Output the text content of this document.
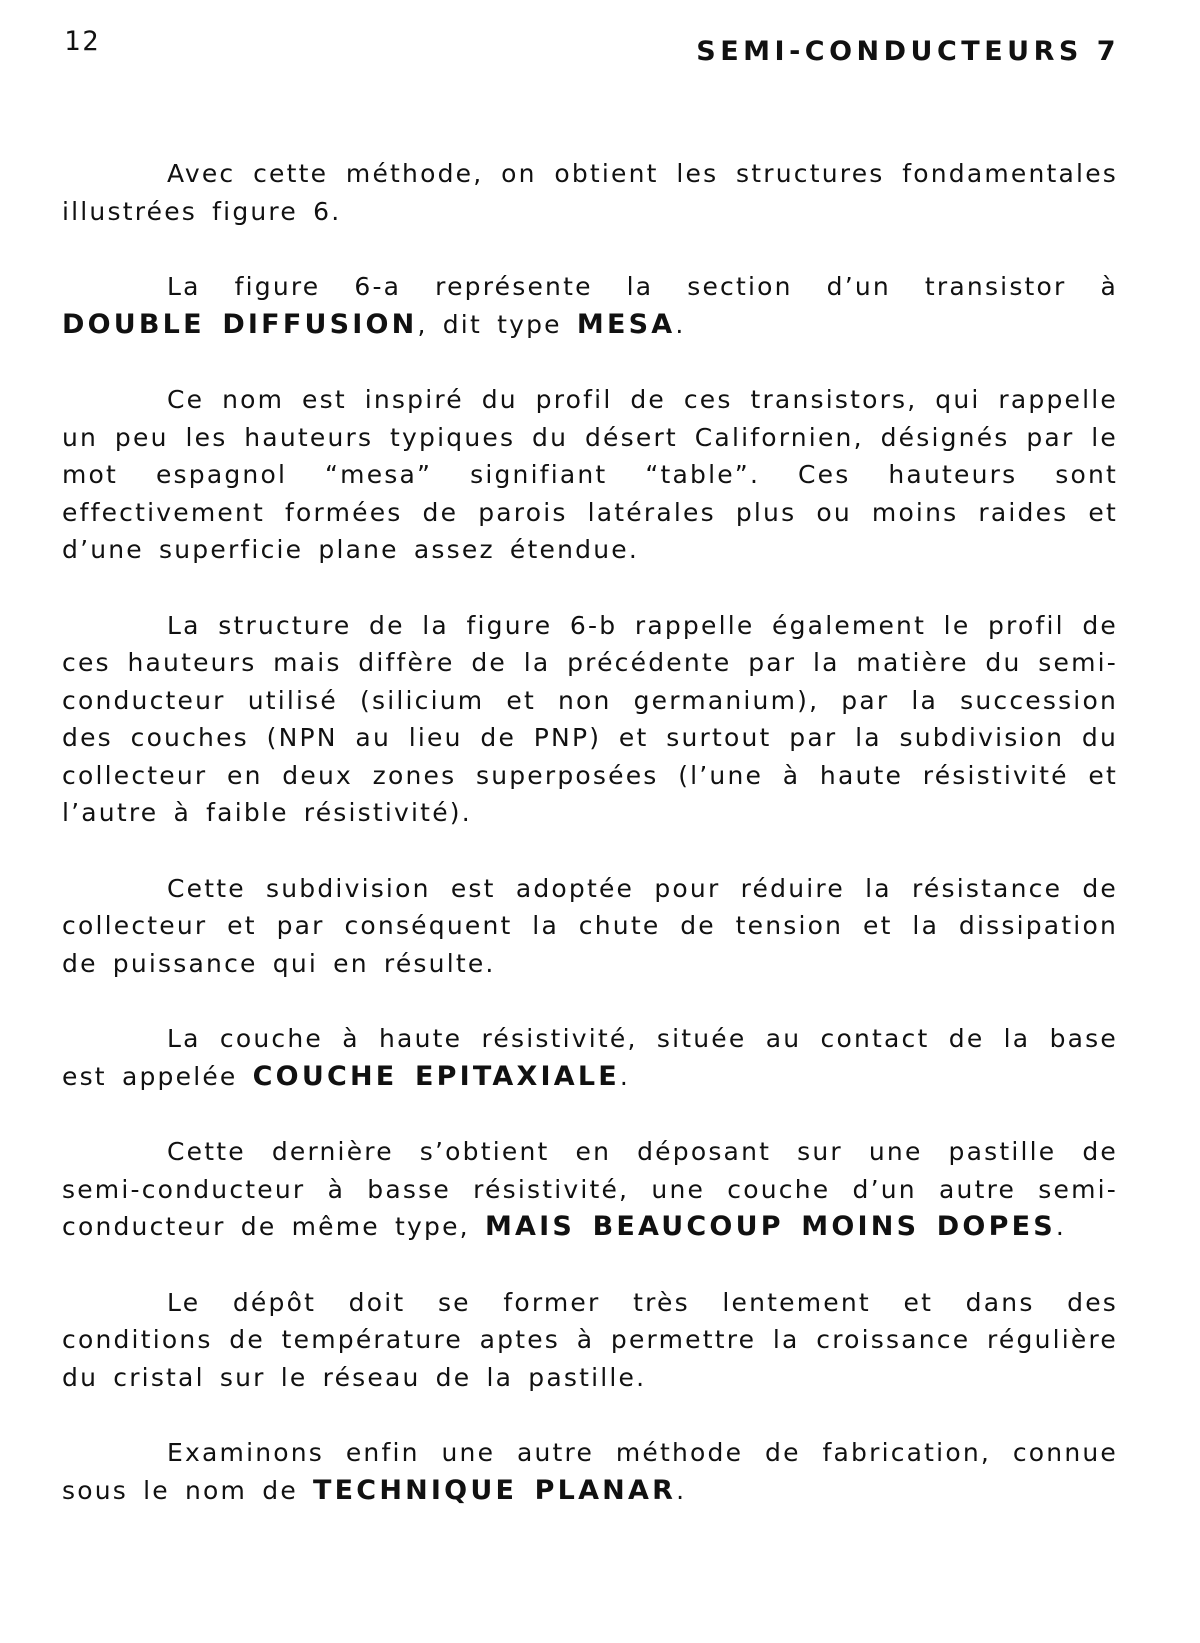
12	SEMI-CONDUCTEURS 7

Avec cette méthode, on obtient les structures fondamentales illustrées figure 6.

La figure 6-a représente la section d’un transistor à DOUBLE DIFFUSION, dit type MESA.

Ce nom est inspiré du profil de ces transistors, qui rappelle un peu les hauteurs typiques du désert Californien, désignés par le mot espagnol “mesa” signifiant “table”. Ces hauteurs sont effectivement formées de parois latérales plus ou moins raides et d’une superficie plane assez étendue.

La structure de la figure 6-b rappelle également le profil de ces hauteurs mais diffère de la précédente par la matière du semi-conducteur utilisé (silicium et non germanium), par la succession des couches (NPN au lieu de PNP) et surtout par la subdivision du collecteur en deux zones superposées (l’une à haute résistivité et l’autre à faible résistivité).

Cette subdivision est adoptée pour réduire la résistance de collecteur et par conséquent la chute de tension et la dissipation de puissance qui en résulte.

La couche à haute résistivité, située au contact de la base est appelée COUCHE EPITAXIALE.

Cette dernière s’obtient en déposant sur une pastille de semi-conducteur à basse résistivité, une couche d’un autre semi-conducteur de même type, MAIS BEAUCOUP MOINS DOPES.

Le dépôt doit se former très lentement et dans des conditions de température aptes à permettre la croissance régulière du cristal sur le réseau de la pastille.

Examinons enfin une autre méthode de fabrication, connue sous le nom de TECHNIQUE PLANAR.
